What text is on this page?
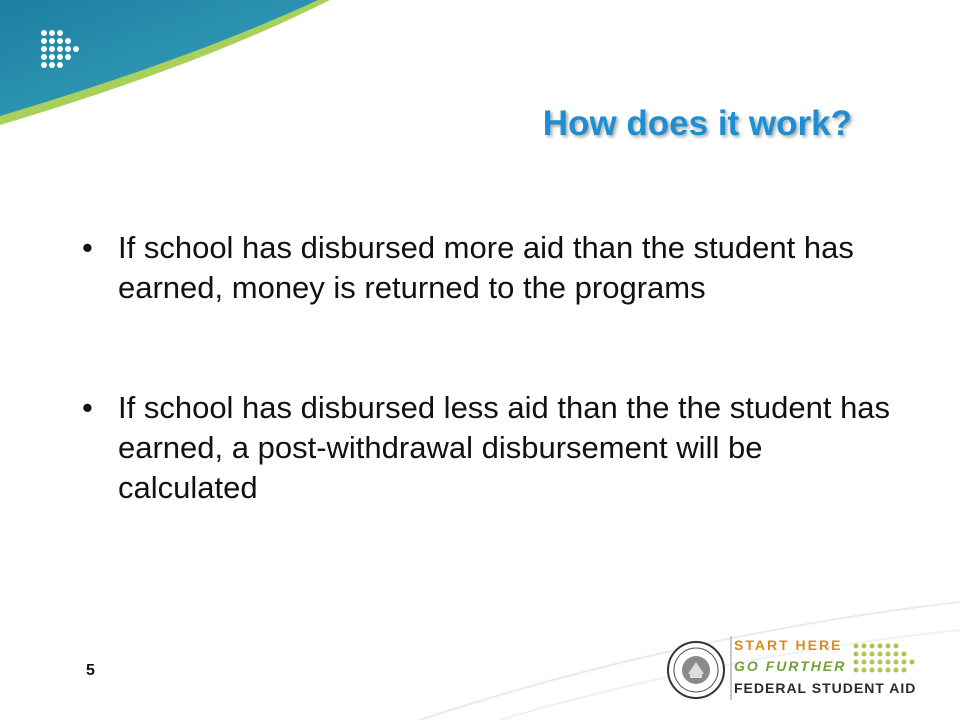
How does it work?
• If school has disbursed more aid than the student has earned, money is returned to the programs
• If school has disbursed less aid than the the student has earned, a post-withdrawal disbursement will be calculated
5
START HERE
GO FURTHER
FEDERAL STUDENT AID
